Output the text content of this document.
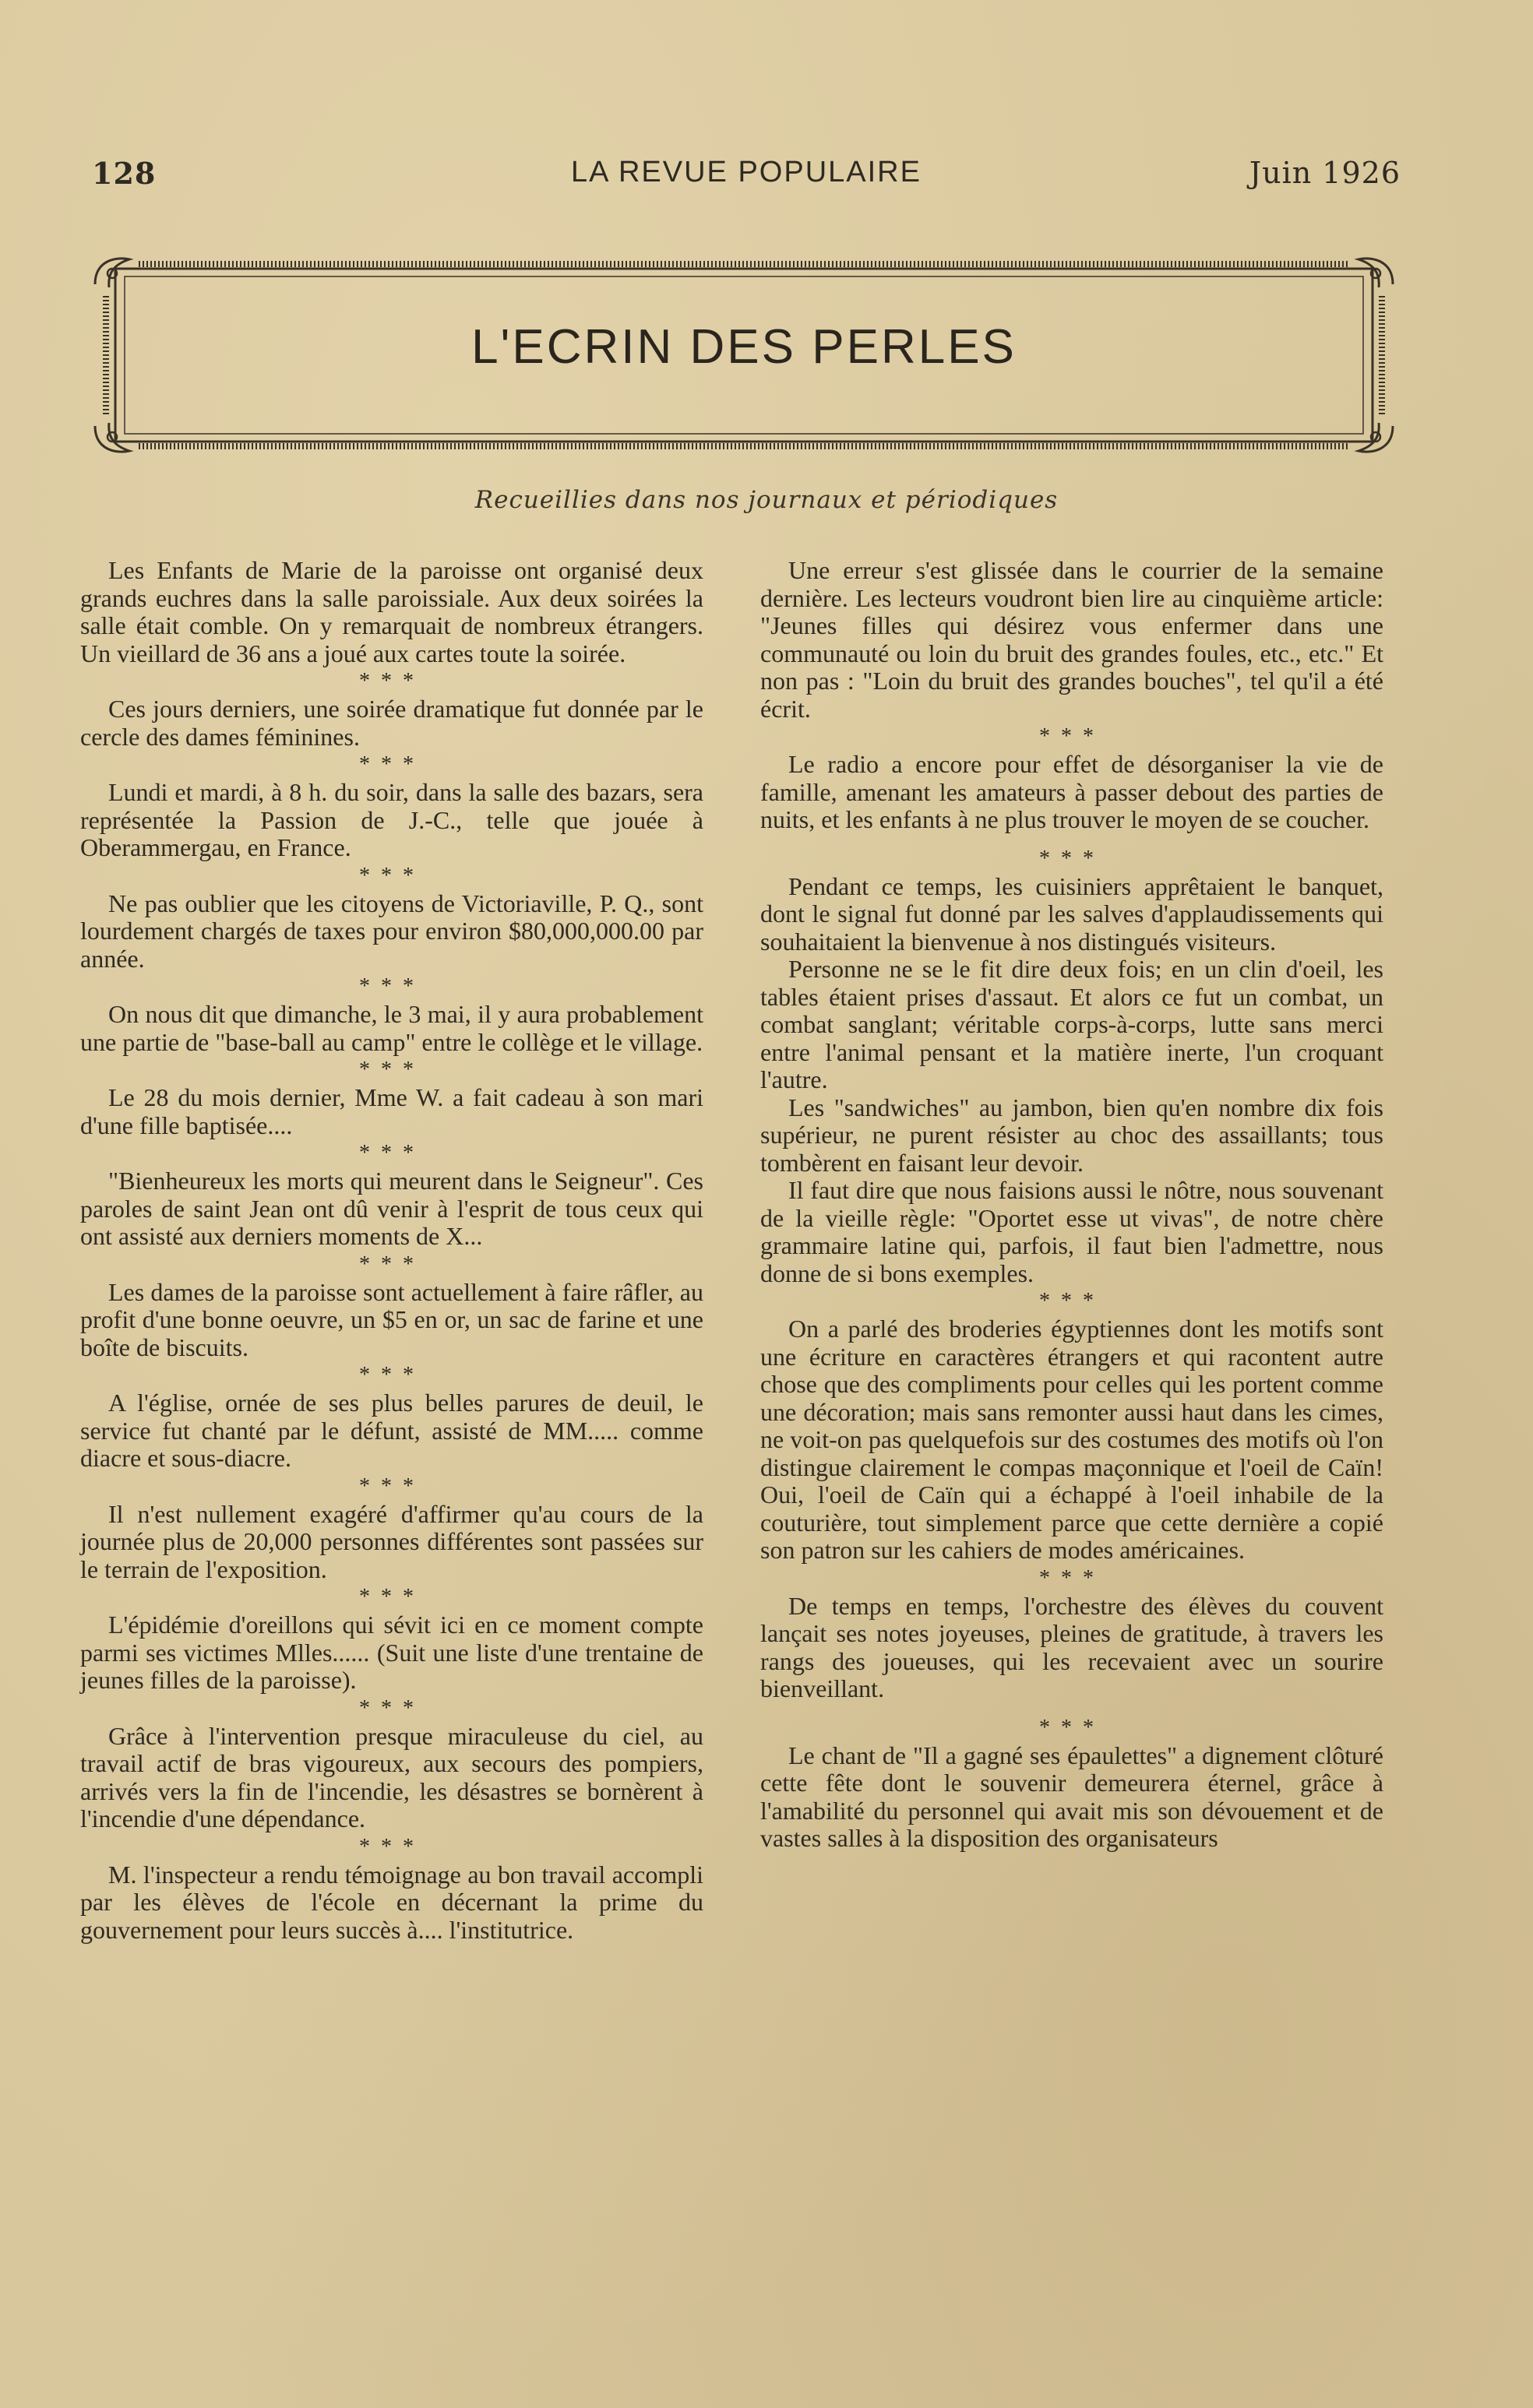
128	LA REVUE POPULAIRE	Juin 1926
L'ECRIN DES PERLES
Recueillies dans nos journaux et périodiques

Les Enfants de Marie de la paroisse ont organisé deux grands euchres dans la salle paroissiale. Aux deux soirées la salle était comble. On y remarquait de nombreux étrangers. Un vieillard de 36 ans a joué aux cartes toute la soirée.

***

Ces jours derniers, une soirée dramatique fut donnée par le cercle des dames féminines.

***

Lundi et mardi, à 8 h. du soir, dans la salle des bazars, sera représentée la Passion de J.-C., telle que jouée à Oberammergau, en France.

***

Ne pas oublier que les citoyens de Victoriaville, P. Q., sont lourdement chargés de taxes pour environ $80,000,000.00 par année.

***

On nous dit que dimanche, le 3 mai, il y aura probablement une partie de "base-ball au camp" entre le collège et le village.

***

Le 28 du mois dernier, Mme W. a fait cadeau à son mari d'une fille baptisée....

***

"Bienheureux les morts qui meurent dans le Seigneur". Ces paroles de saint Jean ont dû venir à l'esprit de tous ceux qui ont assisté aux derniers moments de X...

***

Les dames de la paroisse sont actuellement à faire râfler, au profit d'une bonne oeuvre, un $5 en or, un sac de farine et une boîte de biscuits.

***

A l'église, ornée de ses plus belles parures de deuil, le service fut chanté par le défunt, assisté de MM..... comme diacre et sous-diacre.

***

Il n'est nullement exagéré d'affirmer qu'au cours de la journée plus de 20,000 personnes différentes sont passées sur le terrain de l'exposition.

***

L'épidémie d'oreillons qui sévit ici en ce moment compte parmi ses victimes Mlles...... (Suit une liste d'une trentaine de jeunes filles de la paroisse).

***

Grâce à l'intervention presque miraculeuse du ciel, au travail actif de bras vigoureux, aux secours des pompiers, arrivés vers la fin de l'incendie, les désastres se bornèrent à l'incendie d'une dépendance.

***

M. l'inspecteur a rendu témoignage au bon travail accompli par les élèves de l'école en décernant la prime du gouvernement pour leurs succès à.... l'institutrice.

Une erreur s'est glissée dans le courrier de la semaine dernière. Les lecteurs voudront bien lire au cinquième article: "Jeunes filles qui désirez vous enfermer dans une communauté ou loin du bruit des grandes foules, etc., etc." Et non pas : "Loin du bruit des grandes bouches", tel qu'il a été écrit.

***

Le radio a encore pour effet de désorganiser la vie de famille, amenant les amateurs à passer debout des parties de nuits, et les enfants à ne plus trouver le moyen de se coucher.

***

Pendant ce temps, les cuisiniers apprêtaient le banquet, dont le signal fut donné par les salves d'applaudissements qui souhaitaient la bienvenue à nos distingués visiteurs.

Personne ne se le fit dire deux fois; en un clin d'oeil, les tables étaient prises d'assaut. Et alors ce fut un combat, un combat sanglant; véritable corps-à-corps, lutte sans merci entre l'animal pensant et la matière inerte, l'un croquant l'autre.

Les "sandwiches" au jambon, bien qu'en nombre dix fois supérieur, ne purent résister au choc des assaillants; tous tombèrent en faisant leur devoir.

Il faut dire que nous faisions aussi le nôtre, nous souvenant de la vieille règle: "Oportet esse ut vivas", de notre chère grammaire latine qui, parfois, il faut bien l'admettre, nous donne de si bons exemples.

***

On a parlé des broderies égyptiennes dont les motifs sont une écriture en caractères étrangers et qui racontent autre chose que des compliments pour celles qui les portent comme une décoration; mais sans remonter aussi haut dans les cimes, ne voit-on pas quelquefois sur des costumes des motifs où l'on distingue clairement le compas maçonnique et l'oeil de Caïn! Oui, l'oeil de Caïn qui a échappé à l'oeil inhabile de la couturière, tout simplement parce que cette dernière a copié son patron sur les cahiers de modes américaines.

***

De temps en temps, l'orchestre des élèves du couvent lançait ses notes joyeuses, pleines de gratitude, à travers les rangs des joueuses, qui les recevaient avec un sourire bienveillant.

***

Le chant de "Il a gagné ses épaulettes" a dignement clôturé cette fête dont le souvenir demeurera éternel, grâce à l'amabilité du personnel qui avait mis son dévouement et de vastes salles à la disposition des organisateurs
